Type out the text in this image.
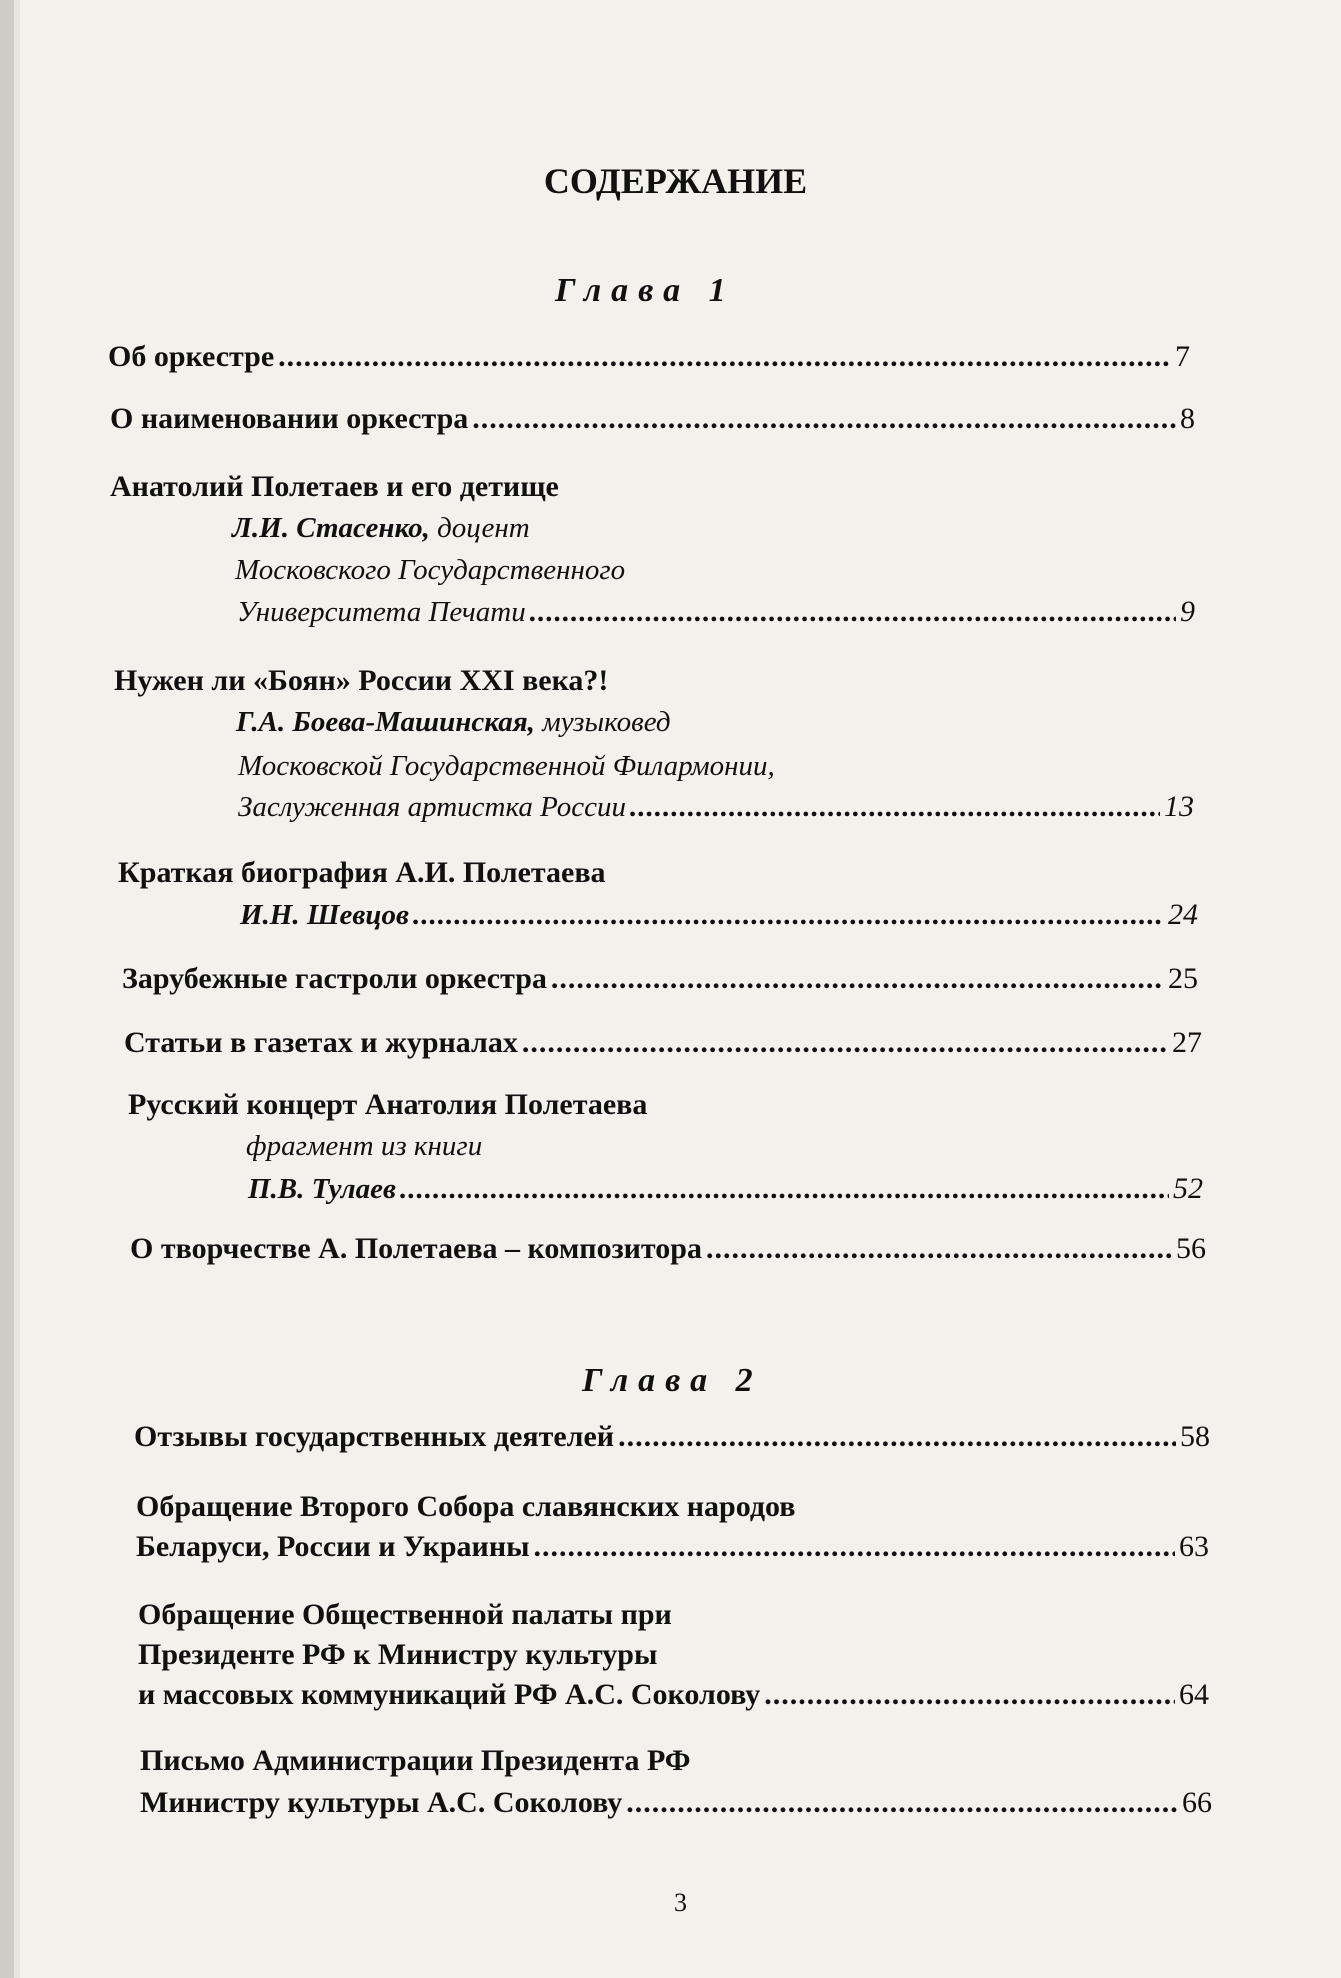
СОДЕРЖАНИЕ
Глава 1
Об оркестре .....	7
О наименовании оркестра .....	8
Анатолий Полетаев и его детище
Л.И. Стасенко, доцент
Московского Государственного
Университета Печати .....	9
Нужен ли «Боян» России XXI века?!
Г.А. Боева-Машинская, музыковед
Московской Государственной Филармонии,
Заслуженная артистка России .....	13
Краткая биография А.И. Полетаева
И.Н. Шевцов .....	24
Зарубежные гастроли оркестра .....	25
Статьи в газетах и журналах .....	27
Русский концерт Анатолия Полетаева
фрагмент из книги
П.В. Тулаев .....	52
О творчестве А. Полетаева – композитора .....	56
Глава 2
Отзывы государственных деятелей .....	58
Обращение Второго Собора славянских народов
Беларуси, России и Украины .....	63
Обращение Общественной палаты при
Президенте РФ к Министру культуры
и массовых коммуникаций РФ А.С. Соколову .....	64
Письмо Администрации Президента РФ
Министру культуры А.С. Соколову .....	66
3
